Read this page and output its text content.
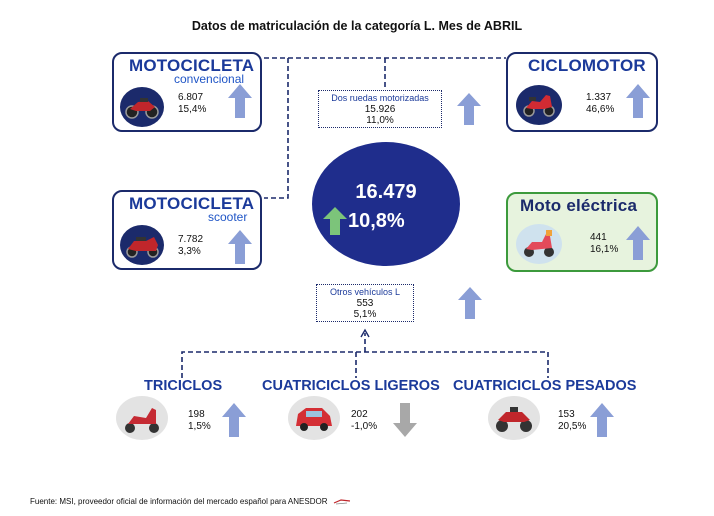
Datos de matriculación de la categoría L. Mes de ABRIL
MOTOCICLETA
convencional
6.807
15,4%
MOTOCICLETA
scooter
7.782
3,3%
CICLOMOTOR
1.337
46,6%
Moto eléctrica
441
16,1%
Dos ruedas motorizadas
15.926
11,0%
16.479
10,8%
Otros vehículos L
553
5,1%
TRICICLOS	CUATRICICLOS LIGEROS CUATRICICLOS PESADOS
198
1,5%
202
-1,0%
153
20,5%
Fuente: MSI, proveedor oficial de información del mercado español para ANESDOR
